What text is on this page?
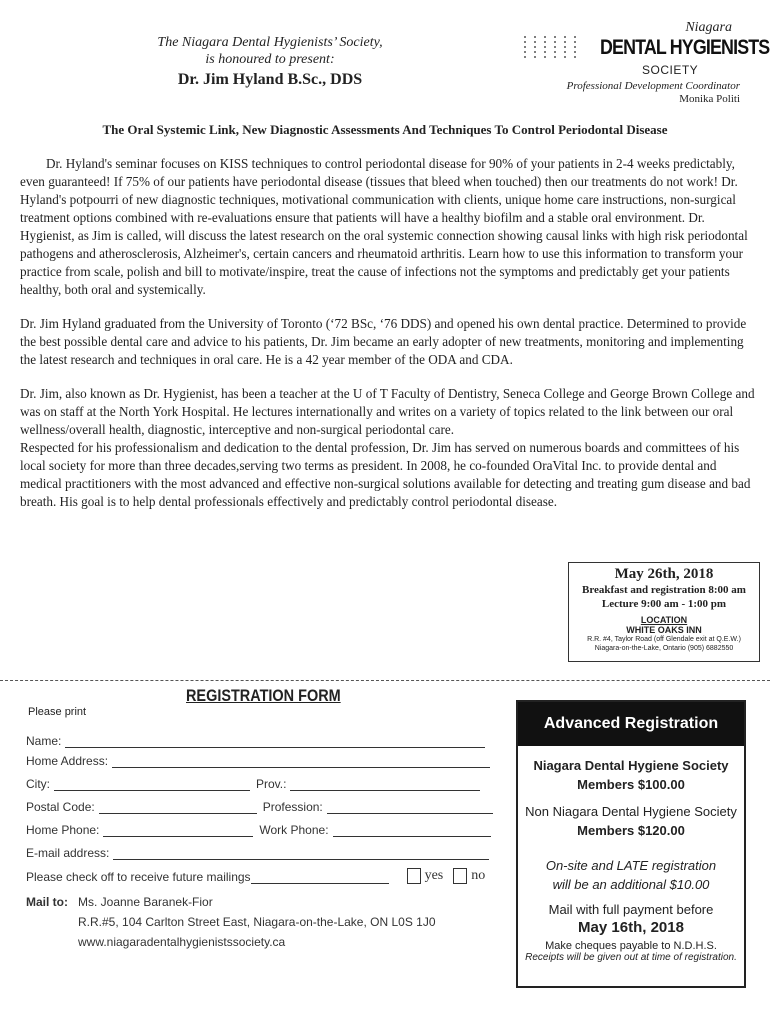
The Niagara Dental Hygienists’ Society,
is honoured to present:
Dr. Jim Hyland B.Sc., DDS
Niagara
DENTAL HYGIENISTS
SOCIETY
Professional Development Coordinator
Monika Politi
The Oral Systemic Link, New Diagnostic Assessments And Techniques To Control Periodontal Disease

Dr. Hyland's seminar focuses on KISS techniques to control periodontal disease for 90% of your patients in 2-4 weeks predictably, even guaranteed! If 75% of our patients have periodontal disease (tissues that bleed when touched) then our treatments do not work! Dr. Hyland's potpourri of new diagnostic techniques, motivational communication with clients, unique home care instructions, non-surgical treatment options combined with re-evaluations ensure that patients will have a healthy biofilm and a stable oral environment. Dr. Hygienist, as Jim is called, will discuss the latest research on the oral systemic connection showing causal links with high risk periodontal pathogens and atherosclerosis, Alzheimer's, certain cancers and rheumatoid arthritis. Learn how to use this information to transform your practice from scale, polish and bill to motivate/inspire, treat the cause of infections not the symptoms and predictably get your patients healthy, both oral and systemically.

Dr. Jim Hyland graduated from the University of Toronto (‘72 BSc, ‘76 DDS) and opened his own dental practice. Determined to provide the best possible dental care and advice to his patients, Dr. Jim became an early adopter of new treatments, monitoring and implementing the latest research and techniques in oral care. He is a 42 year member of the ODA and CDA.

Dr. Jim, also known as Dr. Hygienist, has been a teacher at the U of T Faculty of Dentistry, Seneca College and George Brown College and was on staff at the North York Hospital. He lectures internationally and writes on a variety of topics related to the link between our oral wellness/overall health, diagnostic, interceptive and non-surgical periodontal care.

Respected for his professionalism and dedication to the dental profession, Dr. Jim has served on numerous boards and committees of his local society for more than three decades,serving two terms as president. In 2008, he co-founded OraVital Inc. to provide dental and medical practitioners with the most advanced and effective non-surgical solutions available for detecting and treating gum disease and bad breath. His goal is to help dental professionals effectively and predictably control periodontal disease.

May 26th, 2018
Breakfast and registration 8:00 am
Lecture 9:00 am - 1:00 pm
LOCATION
WHITE OAKS INN
R.R. #4, Taylor Road (off Glendale exit at Q.E.W.)
Niagara-on-the-Lake, Ontario (905) 6882550
REGISTRATION FORM
Please print
Name:
Home Address:
City:	Prov.:
Postal Code:	Profession:
Home Phone:	Work Phone:
E-mail address:
Please check off to receive future mailings	yes no
Mail to: Ms. Joanne Baranek-Fior
R.R.#5, 104 Carlton Street East, Niagara-on-the-Lake, ON L0S 1J0
www.niagaradentalhygienistssociety.ca
Advanced Registration
Niagara Dental Hygiene Society
Members $100.00
Non Niagara Dental Hygiene Society
Members $120.00
On-site and LATE registration
will be an additional $10.00
Mail with full payment before
May 16th, 2018
Make cheques payable to N.D.H.S.
Receipts will be given out at time of registration.
